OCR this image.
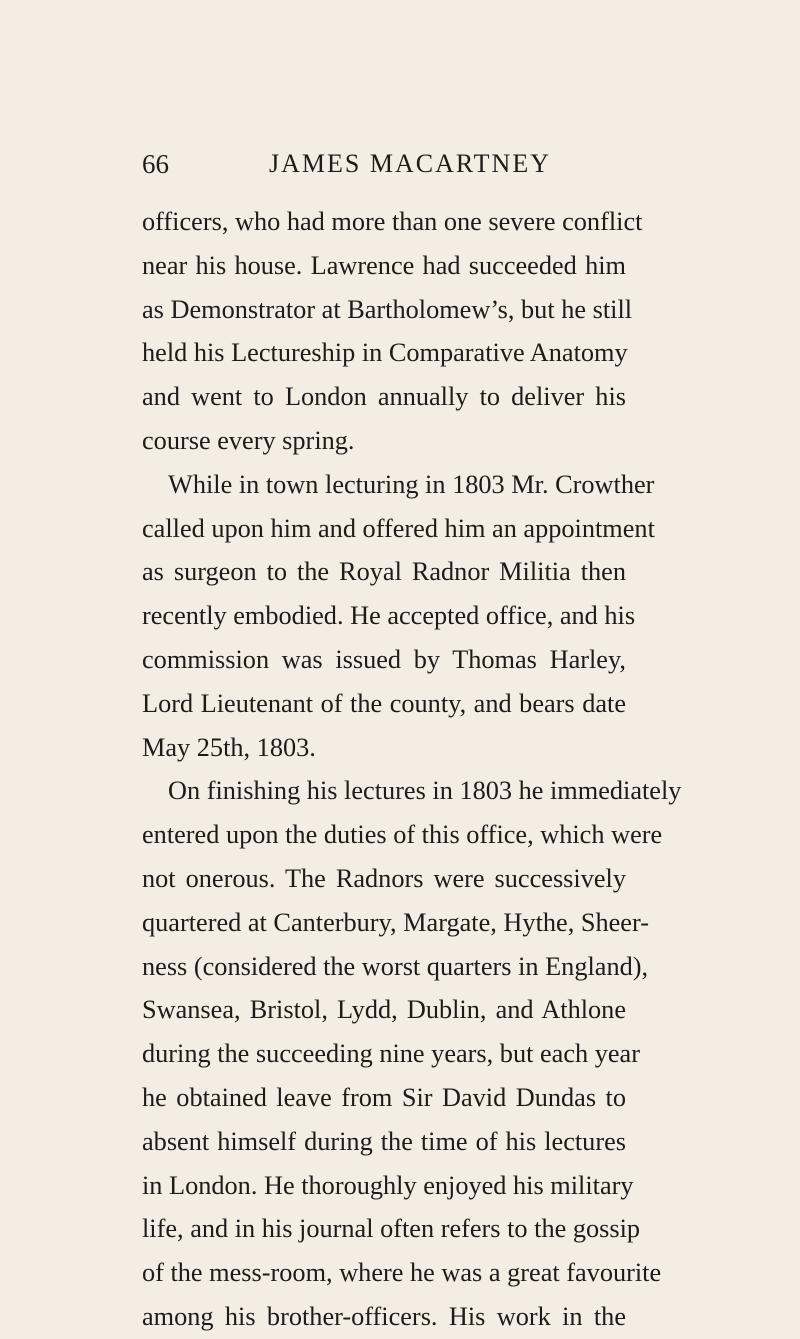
66	JAMES MACARTNEY
officers, who had more than one severe conflict
near his house. Lawrence had succeeded him
as Demonstrator at Bartholomew’s, but he still
held his Lectureship in Comparative Anatomy
and went to London annually to deliver his
course every spring.
While in town lecturing in 1803 Mr. Crowther
called upon him and offered him an appointment
as surgeon to the Royal Radnor Militia then
recently embodied. He accepted office, and his
commission was issued by Thomas Harley,
Lord Lieutenant of the county, and bears date
May 25th, 1803.
On finishing his lectures in 1803 he immediately
entered upon the duties of this office, which were
not onerous. The Radnors were successively
quartered at Canterbury, Margate, Hythe, Sheer-
ness (considered the worst quarters in England),
Swansea, Bristol, Lydd, Dublin, and Athlone
during the succeeding nine years, but each year
he obtained leave from Sir David Dundas to
absent himself during the time of his lectures
in London. He thoroughly enjoyed his military
life, and in his journal often refers to the gossip
of the mess-room, where he was a great favourite
among his brother-officers. His work in the
